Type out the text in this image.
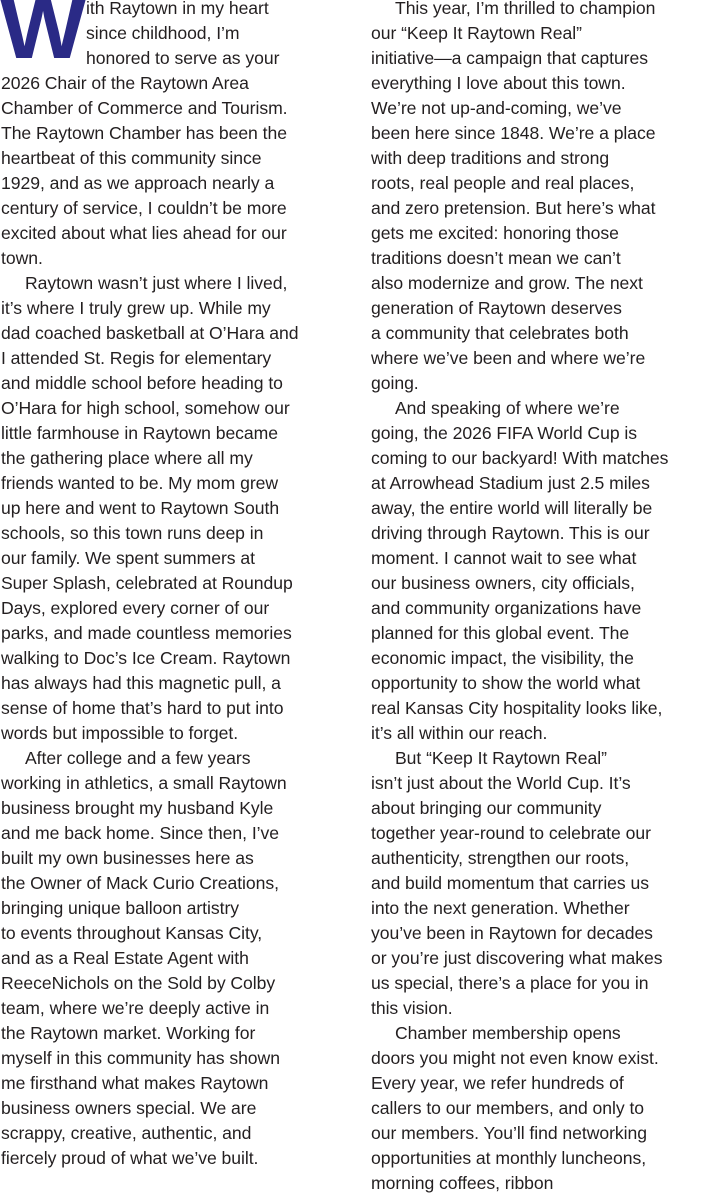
W ith Raytown in my heart
since childhood, I’m
honored to serve as your
2026 Chair of the Raytown Area
Chamber of Commerce and Tourism.
The Raytown Chamber has been the
heartbeat of this community since
1929, and as we approach nearly a
century of service, I couldn’t be more
excited about what lies ahead for our
town.
Raytown wasn’t just where I lived,
it’s where I truly grew up. While my
dad coached basketball at O’Hara and
I attended St. Regis for elementary
and middle school before heading to
O’Hara for high school, somehow our
little farmhouse in Raytown became
the gathering place where all my
friends wanted to be. My mom grew
up here and went to Raytown South
schools, so this town runs deep in
our family. We spent summers at
Super Splash, celebrated at Roundup
Days, explored every corner of our
parks, and made countless memories
walking to Doc’s Ice Cream. Raytown
has always had this magnetic pull, a
sense of home that’s hard to put into
words but impossible to forget.
After college and a few years
working in athletics, a small Raytown
business brought my husband Kyle
and me back home. Since then, I’ve
built my own businesses here as
the Owner of Mack Curio Creations,
bringing unique balloon artistry
to events throughout Kansas City,
and as a Real Estate Agent with
ReeceNichols on the Sold by Colby
team, where we’re deeply active in
the Raytown market. Working for
myself in this community has shown
me firsthand what makes Raytown
business owners special. We are
scrappy, creative, authentic, and
fiercely proud of what we’ve built.
This year, I’m thrilled to champion
our “Keep It Raytown Real”
initiative—a campaign that captures
everything I love about this town.
We’re not up-and-coming, we’ve
been here since 1848. We’re a place
with deep traditions and strong
roots, real people and real places,
and zero pretension. But here’s what
gets me excited: honoring those
traditions doesn’t mean we can’t
also modernize and grow. The next
generation of Raytown deserves
a community that celebrates both
where we’ve been and where we’re
going.
And speaking of where we’re
going, the 2026 FIFA World Cup is
coming to our backyard! With matches
at Arrowhead Stadium just 2.5 miles
away, the entire world will literally be
driving through Raytown. This is our
moment. I cannot wait to see what
our business owners, city officials,
and community organizations have
planned for this global event. The
economic impact, the visibility, the
opportunity to show the world what
real Kansas City hospitality looks like,
it’s all within our reach.
But “Keep It Raytown Real”
isn’t just about the World Cup. It’s
about bringing our community
together year-round to celebrate our
authenticity, strengthen our roots,
and build momentum that carries us
into the next generation. Whether
you’ve been in Raytown for decades
or you’re just discovering what makes
us special, there’s a place for you in
this vision.
Chamber membership opens
doors you might not even know exist.
Every year, we refer hundreds of
callers to our members, and only to
our members. You’ll find networking
opportunities at monthly luncheons,
morning coffees, ribbon
